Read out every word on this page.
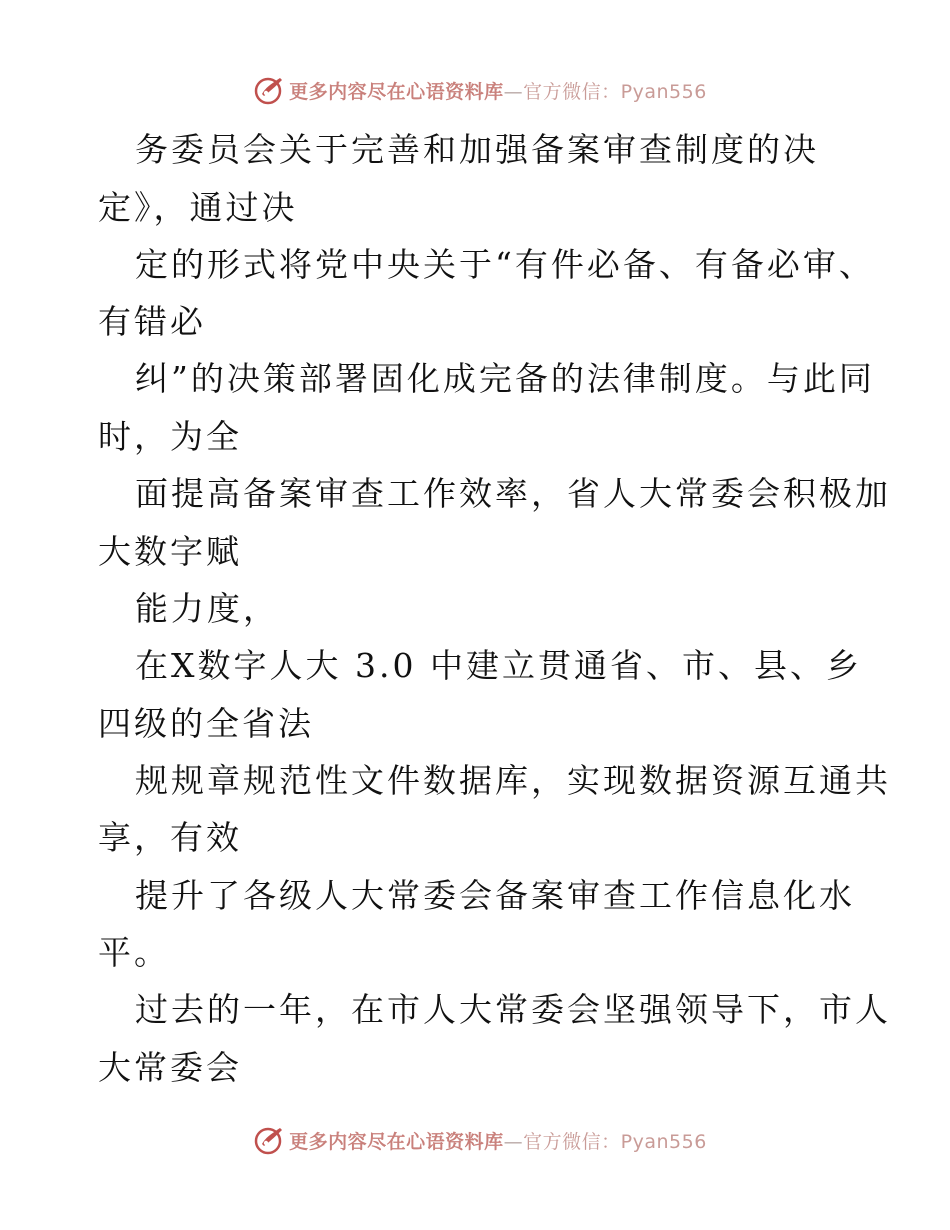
更多内容尽在心语资料库—官方微信：Pyan556
务委员会关于完善和加强备案审查制度的决
定》，通过决
定的形式将党中央关于“有件必备、有备必审、
有错必
纠”的决策部署固化成完备的法律制度。与此同
时，为全
面提高备案审查工作效率，省人大常委会积极加
大数字赋
能力度，
在X数字人大 3.0 中建立贯通省、市、县、乡
四级的全省法
规规章规范性文件数据库，实现数据资源互通共
享，有效
提升了各级人大常委会备案审查工作信息化水
平。
过去的一年，在市人大常委会坚强领导下，市人
大常委会
更多内容尽在心语资料库—官方微信：Pyan556
